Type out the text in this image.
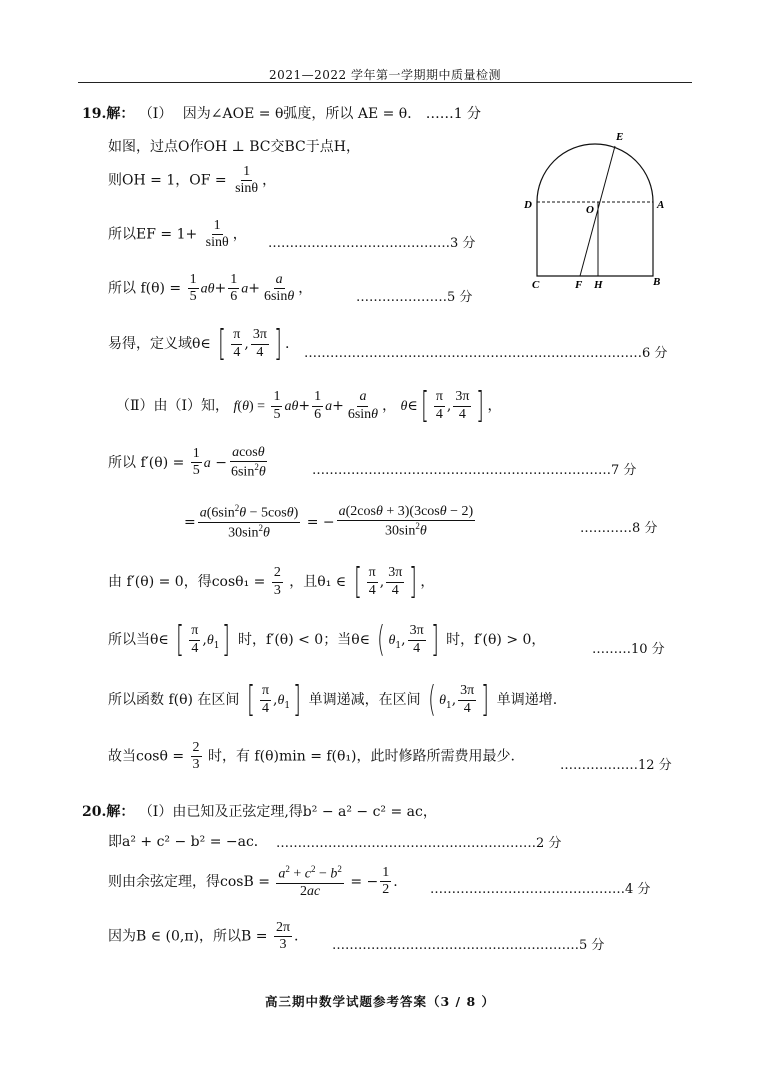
2021—2022 学年第一学期期中质量检测
19.解： （Ⅰ） 因为∠AOE = θ弧度，所以 AE = θ． ……1 分
如图，过点O作OH ⊥ BC交BC于点H，
则OH = 1，OF = $\frac{1}{\sin\theta}$ ，
所以EF = $1+ \frac{1}{\sin\theta}$ ，
……………………………………3 分
所以 $f(\theta) = \frac{1}{5} a\theta+ \frac{1}{6} a+ \frac{a}{6\sin\theta}$ ，
…………………5 分
易得，定义域θ∈ [ $\frac{\pi}{4}$ , $\frac{3\pi}{4}$ ] .
……………………………………………………………………6 分
E
D	O	A
C	F H	B
（Ⅱ）由（Ⅰ）知， $f(\theta) = \frac{1}{5} a\theta+ \frac{1}{6} a+ \frac{a}{6\sin\theta}$ ， θ∈[ $\frac{\pi}{4}$ , $\frac{3\pi}{4}$ ] ，
所以 $f'(\theta) = \frac{1}{5}$ $a - \frac{acos\theta}{6\sin^2\theta}$	……………………………………………………………7 分
= $\frac{a(6\sin^2\theta - 5\cos\theta)}{30\sin^2\theta}$ = − $\frac{a(2\cos\theta + 3)(3\cos\theta - 2)}{30\sin^2\theta}$	…………8 分
由 f′(θ) = 0，得$\cos\theta_1 = \frac{2}{3}$ ，且θ₁ ∈ [ $\frac{\pi}{4}$ , $\frac{3\pi}{4}$ ] ，
所以当θ∈ [ $\frac{\pi}{4} ,\theta_1$] 时，f′(θ) < 0；当θ∈ ( $\theta_1$, $\frac{3\pi}{4}$ ] 时，f′(θ) > 0，
………10 分
所以函数 f(θ) 在区间 [ $\frac{\pi}{4} ,\theta_1$] 单调递减，在区间 ( $\theta_1$, $\frac{3\pi}{4}$ ] 单调递增.
故当$\cos\theta = \frac{2}{3}$ 时，有 f(θ)min = f(θ₁)，此时修路所需费用最少.
………………12 分
20.解： （Ⅰ）由已知及正弦定理,得b² − a² − c² = ac，
即a² + c² − b² = −ac． ……………………………………………………2 分
则由余弦定理，得$\cos B = \frac{a^2 + c^2 - b^2}{2ac}$ = − $\frac{1}{2}$ . ………………………………………4 分
因为B ∈ (0,π)，所以$B = \frac{2\pi}{3}$ .
…………………………………………………5 分
高三期中数学试题参考答案（3 / 8 ）
